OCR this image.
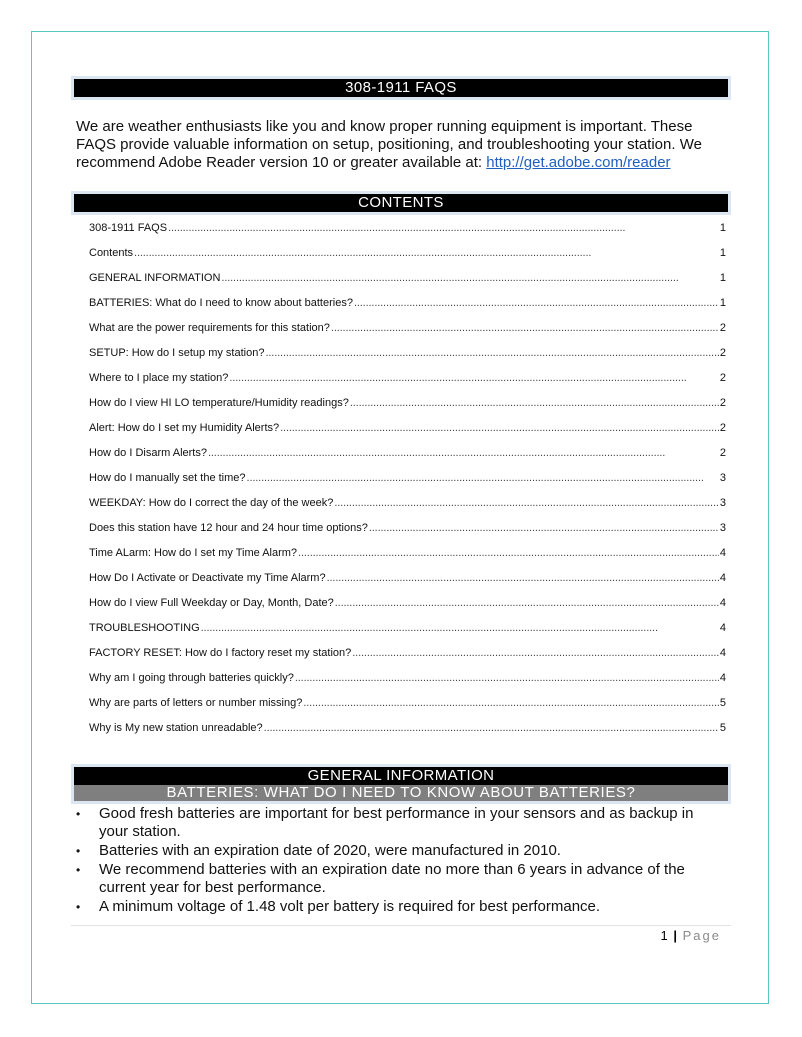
308-1911 FAQS
We are weather enthusiasts like you and know proper running equipment is important. These FAQS provide valuable information on setup, positioning, and troubleshooting your station. We recommend Adobe Reader version 10 or greater available at: http://get.adobe.com/reader
CONTENTS
308-1911 FAQS . . .	1
Contents . . .	1
GENERAL INFORMATION . . .	1
BATTERIES: What do I need to know about batteries? . . .	1
What are the power requirements for this station? . . .	2
SETUP: How do I setup my station? . . .	2
Where to I place my station? . . .	2
How do I view HI LO temperature/Humidity readings? . . .	2
Alert: How do I set my Humidity Alerts? . . .	2
How do I Disarm Alerts? . . .	2
How do I manually set the time? . . .	3
WEEKDAY: How do I correct the day of the week? . . .	3
Does this station have 12 hour and 24 hour time options? . . .	3
Time ALarm: How do I set my Time Alarm? . . .	4
How Do I Activate or Deactivate my Time Alarm? . . .	4
How do I view Full Weekday or Day, Month, Date? . . .	4
TROUBLESHOOTING . . .	4
FACTORY RESET: How do I factory reset my station? . . .	4
Why am I going through batteries quickly? . . .	4
Why are parts of letters or number missing? . . .	5
Why is My new station unreadable? . . .	5
GENERAL INFORMATION
BATTERIES: WHAT DO I NEED TO KNOW ABOUT BATTERIES?
• Good fresh batteries are important for best performance in your sensors and as backup in your station.
• Batteries with an expiration date of 2020, were manufactured in 2010.
• We recommend batteries with an expiration date no more than 6 years in advance of the current year for best performance.
• A minimum voltage of 1.48 volt per battery is required for best performance.
1 | Page
